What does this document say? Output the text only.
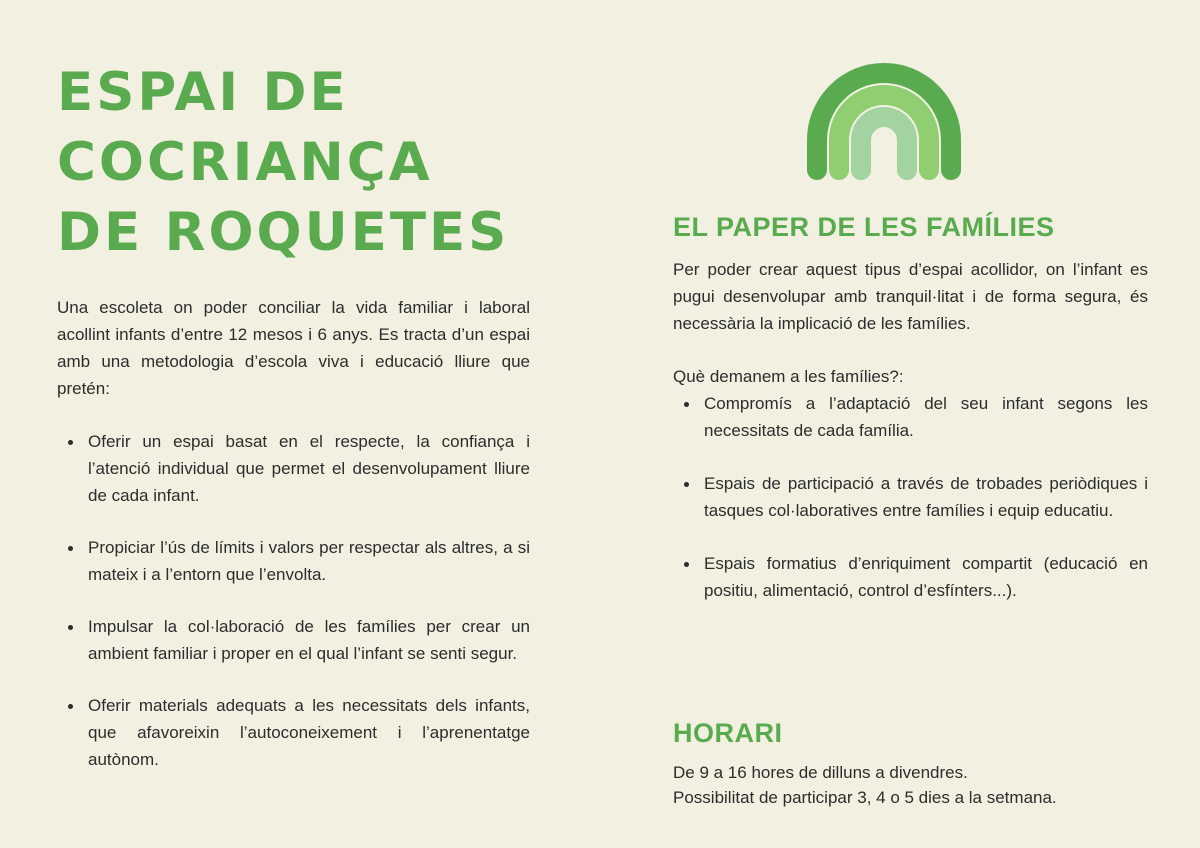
ESPAI DE
COCRIANÇA
DE ROQUETES

Una escoleta on poder conciliar la vida familiar i laboral acollint infants d’entre 12 mesos i 6 anys. Es tracta d’un espai amb una metodologia d’escola viva i educació lliure que pretén:

Oferir un espai basat en el respecte, la confiança i l’atenció individual que permet el desenvolupament lliure de cada infant.
Propiciar l’ús de límits i valors per respectar als altres, a si mateix i a l’entorn que l’envolta.
Impulsar la col·laboració de les famílies per crear un ambient familiar i proper en el qual l’infant se senti segur.
Oferir materials adequats a les necessitats dels infants, que afavoreixin l’autoconeixement i l’aprenentatge autònom.
EL PAPER DE LES FAMÍLIES

Per poder crear aquest tipus d’espai acollidor, on l’infant es pugui desenvolupar amb tranquil·litat i de forma segura, és necessària la implicació de les famílies.

Què demanem a les famílies?:

Compromís a l’adaptació del seu infant segons les necessitats de cada família.
Espais de participació a través de trobades periòdiques i tasques col·laboratives entre famílies i equip educatiu.
Espais formatius d’enriquiment compartit (educació en positiu, alimentació, control d’esfínters...).
HORARI

De 9 a 16 hores de dilluns a divendres.

Possibilitat de participar 3, 4 o 5 dies a la setmana.
